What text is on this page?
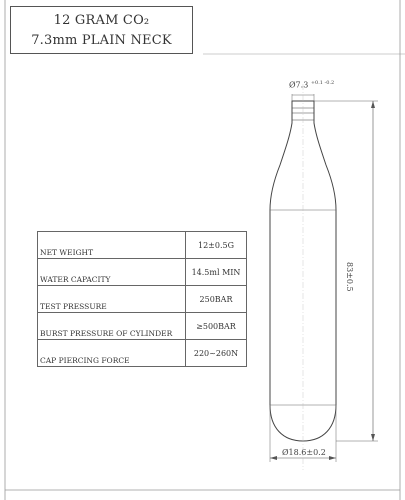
12 GRAM CO₂
7.3mm PLAIN NECK
NET WEIGHT	12±0.5G
WATER CAPACITY	14.5ml MIN
TEST PRESSURE	250BAR
BURST PRESSURE OF CYLINDER	≥500BAR
CAP PIERCING FORCE	220~260N
Ø7.3 $^{+0.1 -0.2}$
83±0.5
Ø18.6±0.2
